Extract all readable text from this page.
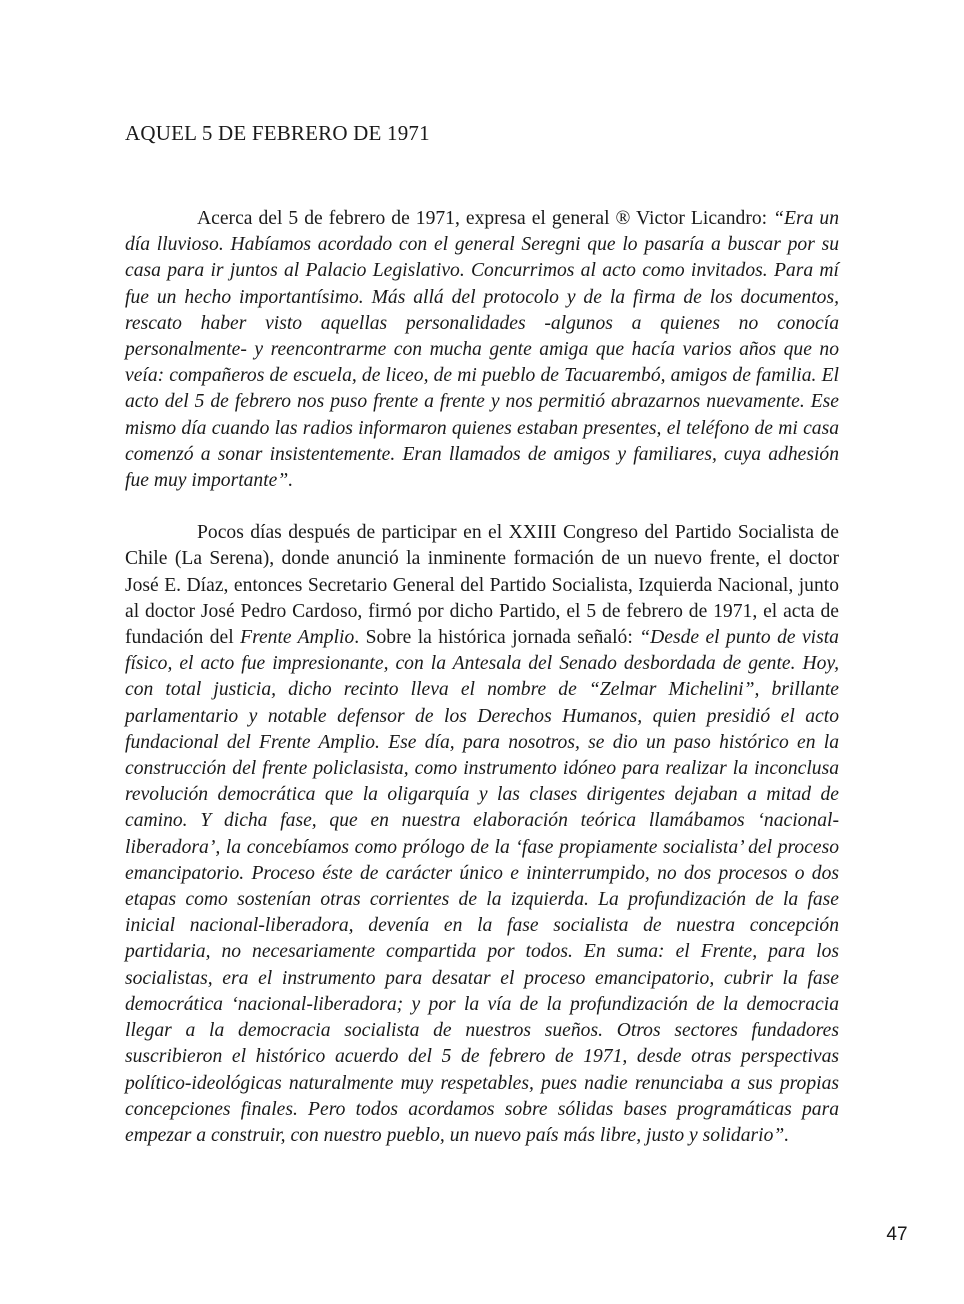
AQUEL 5 DE FEBRERO DE 1971

Acerca del 5 de febrero de 1971, expresa el general ® Victor Licandro: “Era un día lluvioso. Habíamos acordado con el general Seregni que lo pasaría a buscar por su casa para ir juntos al Palacio Legislativo. Concurrimos al acto como invitados. Para mí fue un hecho importantísimo. Más allá del protocolo y de la firma de los documentos, rescato haber visto aquellas personalidades -algunos a quienes no conocía personalmente- y reencontrarme con mucha gente amiga que hacía varios años que no veía: compañeros de escuela, de liceo, de mi pueblo de Tacuarembó, amigos de familia. El acto del 5 de febrero nos puso frente a frente y nos permitió abrazarnos nuevamente. Ese mismo día cuando las radios informaron quienes estaban presentes, el teléfono de mi casa comenzó a sonar insistentemente. Eran llamados de amigos y familiares, cuya adhesión fue muy importante”.

Pocos días después de participar en el XXIII Congreso del Partido Socialista de Chile (La Serena), donde anunció la inminente formación de un nuevo frente, el doctor José E. Díaz, entonces Secretario General del Partido Socialista, Izquierda Nacional, junto al doctor José Pedro Cardoso, firmó por dicho Partido, el 5 de febrero de 1971, el acta de fundación del Frente Amplio. Sobre la histórica jornada señaló: “Desde el punto de vista físico, el acto fue impresionante, con la Antesala del Senado desbordada de gente. Hoy, con total justicia, dicho recinto lleva el nombre de “Zelmar Michelini”, brillante parlamentario y notable defensor de los Derechos Humanos, quien presidió el acto fundacional del Frente Amplio. Ese día, para nosotros, se dio un paso histórico en la construcción del frente policlasista, como instrumento idóneo para realizar la inconclusa revolución democrática que la oligarquía y las clases dirigentes dejaban a mitad de camino. Y dicha fase, que en nuestra elaboración teórica llamábamos ‘nacional-liberadora’, la concebíamos como prólogo de la ‘fase propiamente socialista’ del proceso emancipatorio. Proceso éste de carácter único e ininterrumpido, no dos procesos o dos etapas como sostenían otras corrientes de la izquierda. La profundización de la fase inicial nacional-liberadora, devenía en la fase socialista de nuestra concepción partidaria, no necesariamente compartida por todos. En suma: el Frente, para los socialistas, era el instrumento para desatar el proceso emancipatorio, cubrir la fase democrática ‘nacional-liberadora; y por la vía de la profundización de la democracia llegar a la democracia socialista de nuestros sueños. Otros sectores fundadores suscribieron el histórico acuerdo del 5 de febrero de 1971, desde otras perspectivas político-ideológicas naturalmente muy respetables, pues nadie renunciaba a sus propias concepciones finales. Pero todos acordamos sobre sólidas bases programáticas para empezar a construir, con nuestro pueblo, un nuevo país más libre, justo y solidario”.

47
